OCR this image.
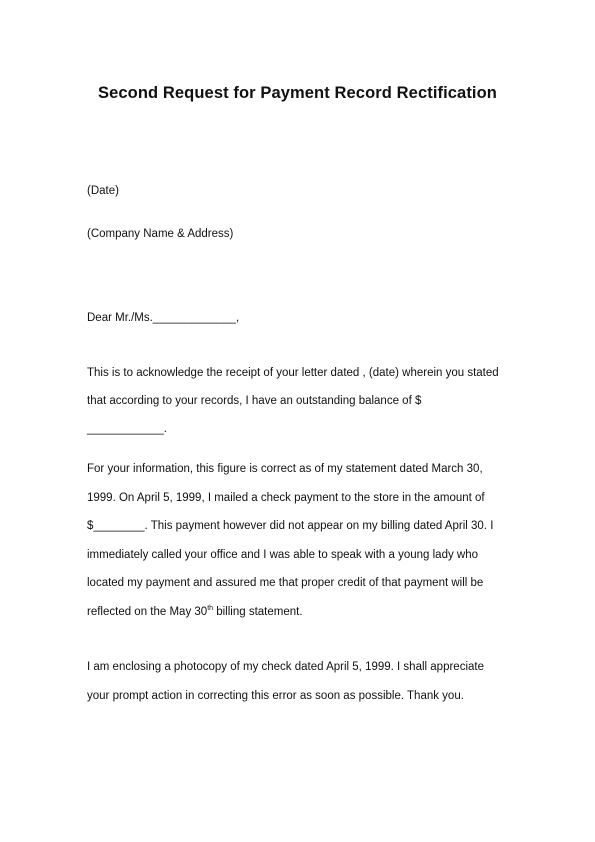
Second Request for Payment Record Rectification
(Date)
(Company Name & Address)
Dear Mr./Ms._____________,
This is to acknowledge the receipt of your letter dated , (date) wherein you stated
that according to your records, I have an outstanding balance of $
____________.
For your information, this figure is correct as of my statement dated March 30,
1999. On April 5, 1999, I mailed a check payment to the store in the amount of
$________. This payment however did not appear on my billing dated April 30. I
immediately called your office and I was able to speak with a young lady who
located my payment and assured me that proper credit of that payment will be
reflected on the May 30th billing statement.
I am enclosing a photocopy of my check dated April 5, 1999. I shall appreciate
your prompt action in correcting this error as soon as possible. Thank you.
